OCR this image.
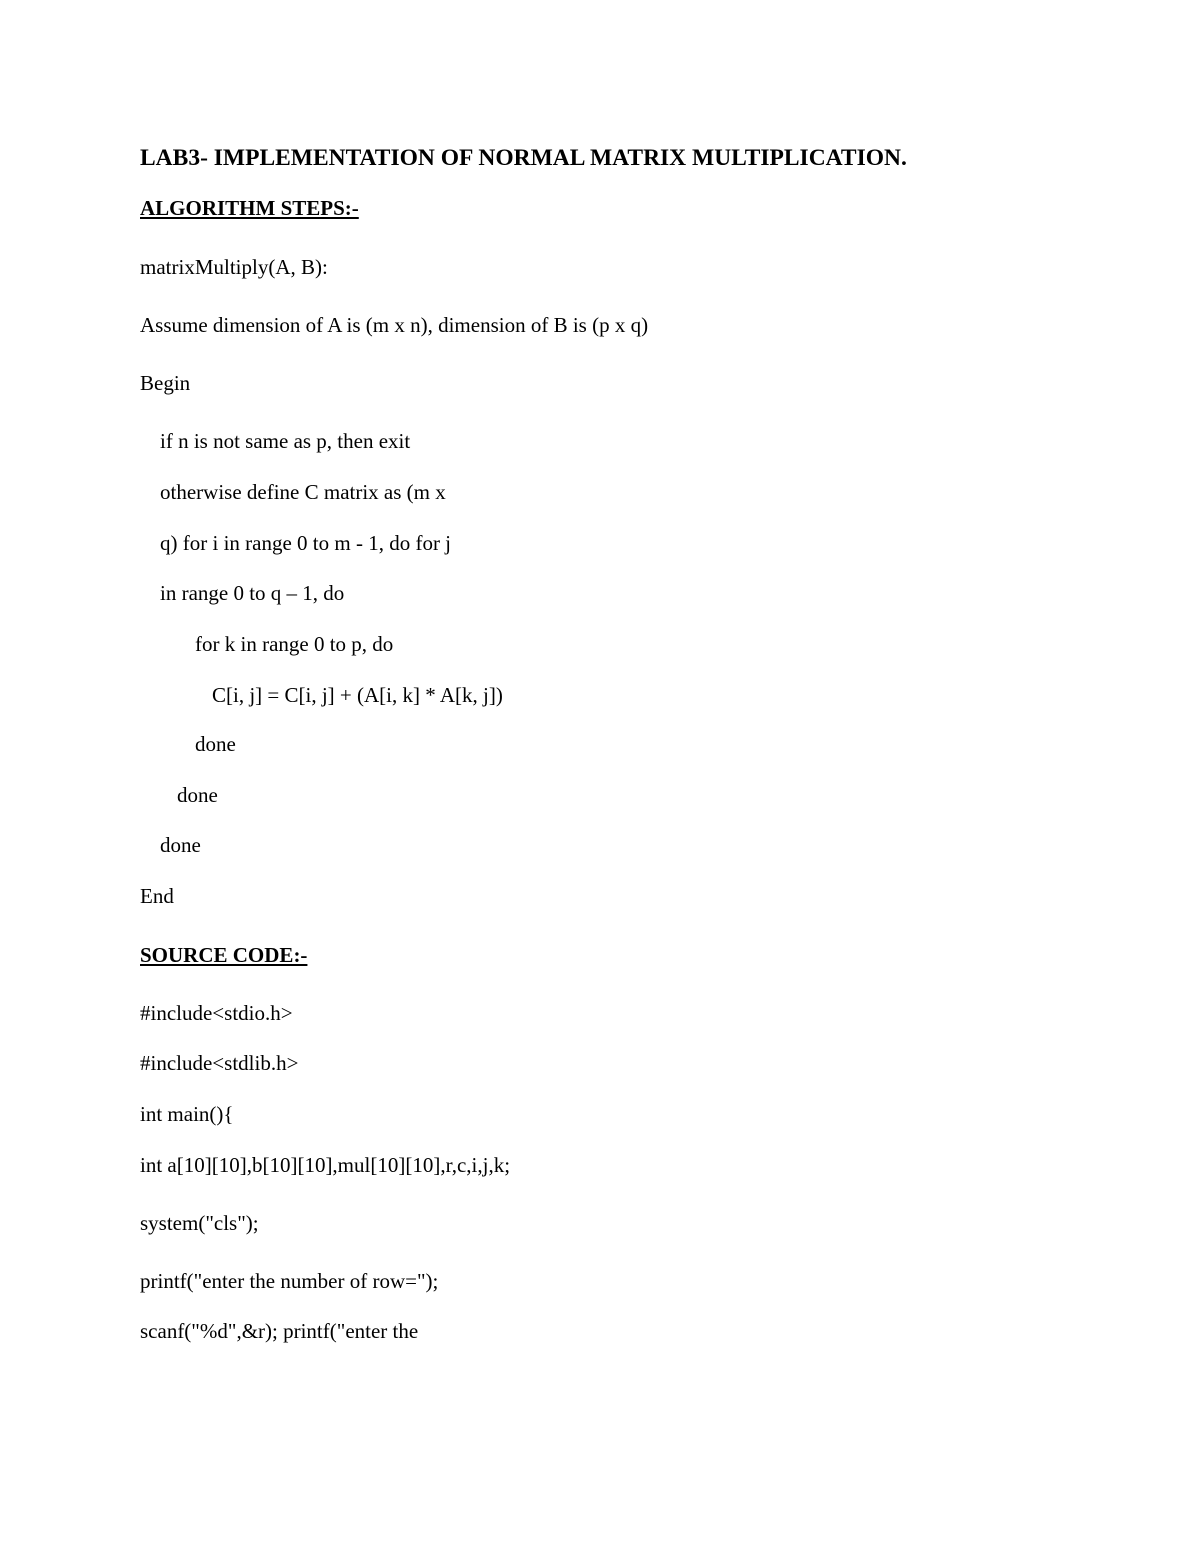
LAB3- IMPLEMENTATION OF NORMAL MATRIX MULTIPLICATION.
ALGORITHM STEPS:-
matrixMultiply(A, B):
Assume dimension of A is (m x n), dimension of B is (p x q)
Begin
if n is not same as p, then exit
otherwise define C matrix as (m x
q) for i in range 0 to m - 1, do for j
in range 0 to q – 1, do
for k in range 0 to p, do
C[i, j] = C[i, j] + (A[i, k] * A[k, j])
done
done
done
End
SOURCE CODE:-
#include<stdio.h>
#include<stdlib.h>
int main(){
int a[10][10],b[10][10],mul[10][10],r,c,i,j,k;
system("cls");
printf("enter the number of row=");
scanf("%d",&r); printf("enter the
